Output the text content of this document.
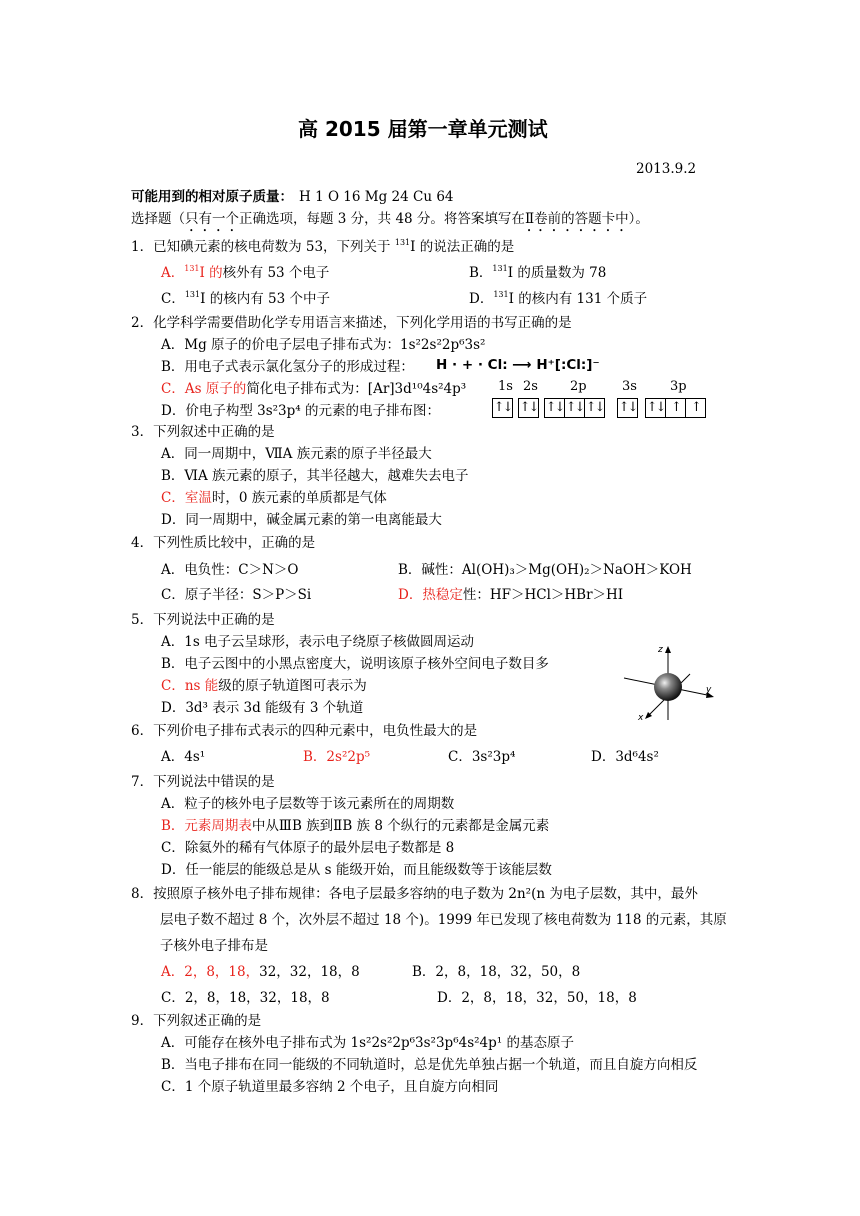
高 2015 届第一章单元测试
2013.9.2
可能用到的相对原子质量： H 1 O 16 Mg 24 Cu 64
选择题（只有一个正确选项，每题 3 分，共 48 分。将答案填写在Ⅱ卷前的答题卡中）。
1．已知碘元素的核电荷数为 53，下列关于 $^{131}$I 的说法正确的是
A．$^{131}$I 的核外有 53 个电子	B．$^{131}$I 的质量数为 78
C．$^{131}$I 的核内有 53 个中子	D．$^{131}$I 的核内有 131 个质子
2．化学科学需要借助化学专用语言来描述，下列化学用语的书写正确的是
A．Mg 原子的价电子层电子排布式为：1s²2s²2p⁶3s²
B．用电子式表示氯化氢分子的形成过程： H · + · Cl: ⟶ H⁺[:Cl:]⁻
C．As 原子的简化电子排布式为：[Ar]3d¹⁰4s²4p³
D．价电子构型 3s²3p⁴ 的元素的电子排布图：
1s 2s 2p	3s	3p
↑↓ ↑↓ ↑↓ ↑↓ ↑↓ ↑↓ ↑↓ ↑ ↑
3．下列叙述中正确的是
A．同一周期中，ⅦA 族元素的原子半径最大
B．ⅥA 族元素的原子，其半径越大，越难失去电子
C．室温时，0 族元素的单质都是气体
D．同一周期中，碱金属元素的第一电离能最大
4．下列性质比较中，正确的是
A．电负性：C＞N＞O	B．碱性：Al(OH)₃＞Mg(OH)₂＞NaOH＞KOH
C．原子半径：S＞P＞Si	D．热稳定性：HF＞HCl＞HBr＞HI
5．下列说法中正确的是
A．1s 电子云呈球形，表示电子绕原子核做圆周运动
B．电子云图中的小黑点密度大，说明该原子核外空间电子数目多
C．ns 能级的原子轨道图可表示为
D．3d³ 表示 3d 能级有 3 个轨道
z
y
x
6．下列价电子排布式表示的四种元素中，电负性最大的是
A．4s¹	B．2s²2p⁵	C．3s²3p⁴	D．3d⁶4s²
7．下列说法中错误的是
A．粒子的核外电子层数等于该元素所在的周期数
B．元素周期表中从ⅢB 族到ⅡB 族 8 个纵行的元素都是金属元素
C．除氦外的稀有气体原子的最外层电子数都是 8
D．任一能层的能级总是从 s 能级开始，而且能级数等于该能层数
8．按照原子核外电子排布规律：各电子层最多容纳的电子数为 2n²(n 为电子层数，其中，最外
层电子数不超过 8 个，次外层不超过 18 个)。1999 年已发现了核电荷数为 118 的元素，其原
子核外电子排布是
A．2，8，18，32，32，18，8	B．2，8，18，32，50，8
C．2，8，18，32，18，8	D．2，8，18，32，50，18，8
9．下列叙述正确的是
A．可能存在核外电子排布式为 1s²2s²2p⁶3s²3p⁶4s²4p¹ 的基态原子
B．当电子排布在同一能级的不同轨道时，总是优先单独占据一个轨道，而且自旋方向相反
C．1 个原子轨道里最多容纳 2 个电子，且自旋方向相同
